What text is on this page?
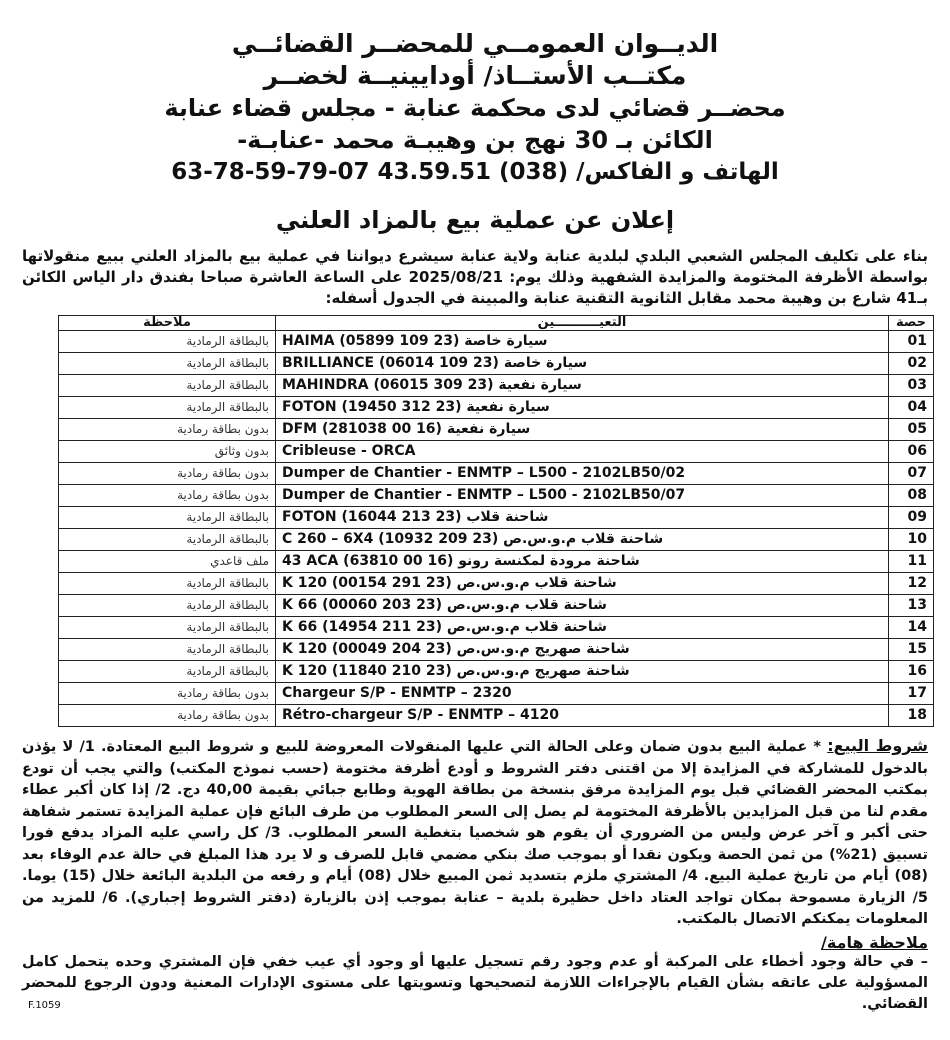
الديــوان العمومــي للمحضــر القضائــي
مكتــب الأستــاذ/ أودايينيــة لخضــر
محضــر قضائي لدى محكمة عنابة - مجلس قضاء عنابة
الكائن بـ 30 نهج بن وهيبـة محمد -عنابـة-
الهاتف و الفاكس/ (038) 43.59.51 07-79-59-78-63
إعلان عن عملية بيع بالمزاد العلني
بناء على تكليف المجلس الشعبي البلدي لبلدية عنابة ولاية عنابة سيشرع ديواننا في عملية بيع بالمزاد العلني ببيع منقولاتها بواسطة الأظرفة المختومة والمزايدة الشفهية وذلك يوم: 2025/08/21 على الساعة العاشرة صباحا بفندق دار الياس الكائن بـ41 شارع بن وهيبة محمد مقابل الثانوية التقنية عنابة والمبينة في الجدول أسفله:
حصة	التعيــــــــــين	ملاحظة
01	HAIMA (05899 109 23) سيارة خاصة	بالبطاقة الرمادية
02	BRILLIANCE (06014 109 23) سيارة خاصة	بالبطاقة الرمادية
03	MAHINDRA (06015 309 23) سيارة نفعية	بالبطاقة الرمادية
04	FOTON (19450 312 23) سيارة نفعية	بالبطاقة الرمادية
05	DFM (281038 00 16) سيارة نفعية	بدون بطاقة رمادية
06	Cribleuse - ORCA	بدون وثائق
07	Dumper de Chantier - ENMTP – L500 - 2102LB50/02	بدون بطاقة رمادية
08	Dumper de Chantier - ENMTP – L500 - 2102LB50/07	بدون بطاقة رمادية
09	FOTON (16044 213 23) شاحنة قلاب	بالبطاقة الرمادية
10	C 260 – 6X4 (10932 209 23) شاحنة قلاب م.و.س.ص	بالبطاقة الرمادية
11	43 ACA (63810 00 16) شاحنة مرودة لمكنسة رونو	ملف قاعدي
12	K 120 (00154 291 23) شاحنة قلاب م.و.س.ص	بالبطاقة الرمادية
13	K 66 (00060 203 23) شاحنة قلاب م.و.س.ص	بالبطاقة الرمادية
14	K 66 (14954 211 23) شاحنة قلاب م.و.س.ص	بالبطاقة الرمادية
15	K 120 (00049 204 23) شاحنة صهريج م.و.س.ص	بالبطاقة الرمادية
16	K 120 (11840 210 23) شاحنة صهريج م.و.س.ص	بالبطاقة الرمادية
17	Chargeur S/P - ENMTP – 2320	بدون بطاقة رمادية
18	Rétro-chargeur S/P - ENMTP – 4120	بدون بطاقة رمادية
شروط البيع: * عملية البيع بدون ضمان وعلى الحالة التي عليها المنقولات المعروضة للبيع و شروط البيع المعتادة. 1/ لا يؤذن بالدخول للمشاركة في المزايدة إلا من اقتنى دفتر الشروط و أودع أظرفة مختومة (حسب نموذج المكتب) والتي يجب أن تودع بمكتب المحضر القضائي قبل يوم المزايدة مرفق بنسخة من بطاقة الهوية وطابع جبائي بقيمة 40,00 دج. 2/ إذا كان أكبر عطاء مقدم لنا من قبل المزايدين بالأظرفة المختومة لم يصل إلى السعر المطلوب من طرف البائع فإن عملية المزايدة تستمر شفاهة حتى أكبر و آخر عرض وليس من الضروري أن يقوم هو شخصيا بتغطية السعر المطلوب. 3/ كل راسي عليه المزاد يدفع فورا تسبيق (21%) من ثمن الحصة ويكون نقدا أو بموجب صك بنكي مضمي قابل للصرف و لا يرد هذا المبلغ في حالة عدم الوفاء بعد (08) أيام من تاريخ عملية البيع. 4/ المشتري ملزم بتسديد ثمن المبيع خلال (08) أيام و رفعه من البلدية البائعة خلال (15) يوما. 5/ الزيارة مسموحة بمكان تواجد العتاد داخل حظيرة بلدية – عنابة بموجب إذن بالزيارة (دفتر الشروط إجباري). 6/ للمزيد من المعلومات يمكنكم الاتصال بالمكتب.
ملاحظة هامة/
– في حالة وجود أخطاء على المركبة أو عدم وجود رقم تسجيل عليها أو وجود أي عيب خفي فإن المشتري وحده يتحمل كامل المسؤولية على عاتقه بشأن القيام بالإجراءات اللازمة لتصحيحها وتسويتها على مستوى الإدارات المعنية ودون الرجوع للمحضر القضائي.
F.1059
